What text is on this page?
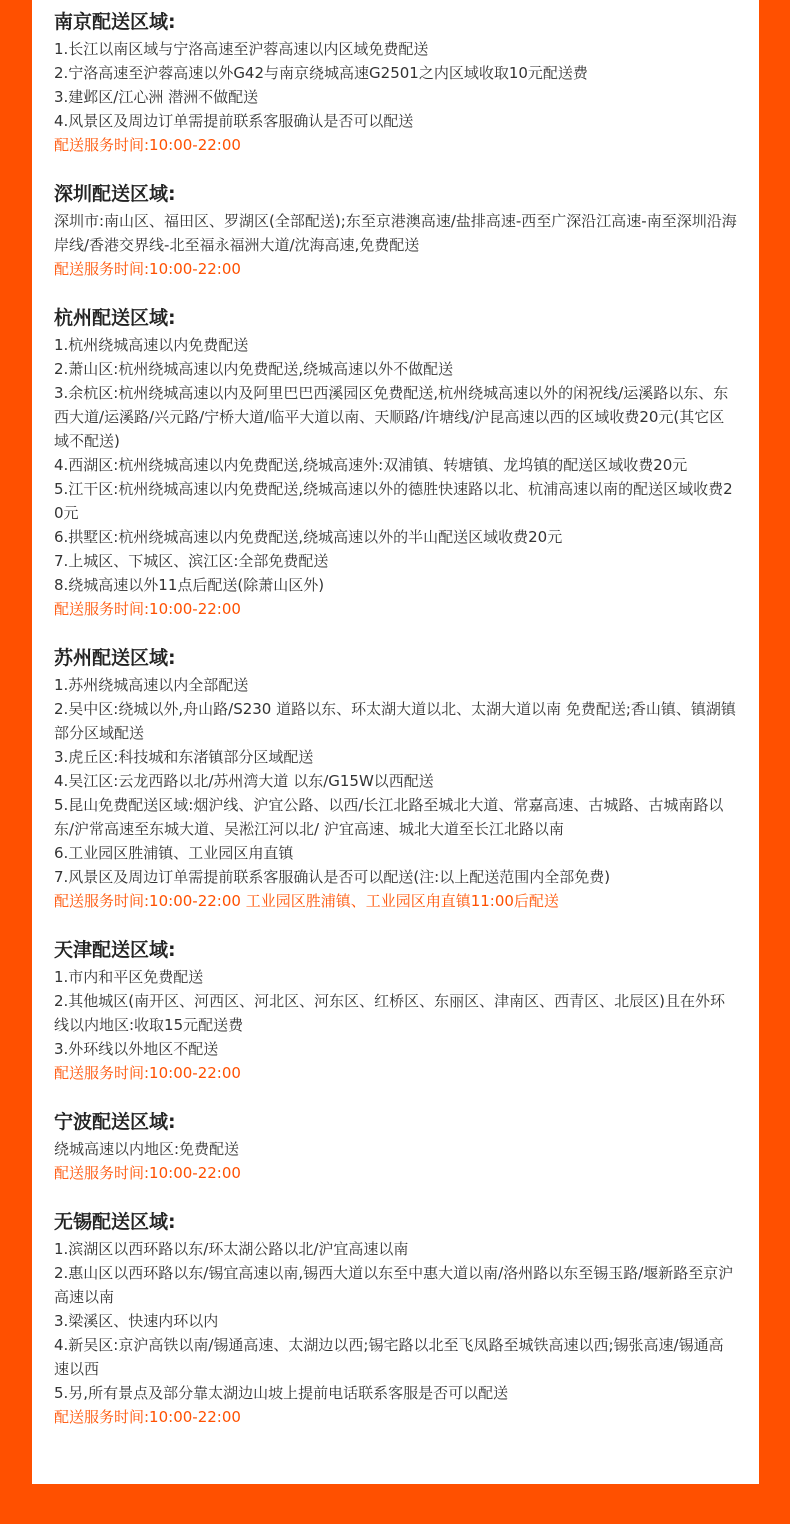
南京配送区域:

1.长江以南区域与宁洛高速至沪蓉高速以内区域免费配送

2.宁洛高速至沪蓉高速以外G42与南京绕城高速G2501之内区域收取10元配送费

3.建邺区/江心洲 潜洲不做配送

4.风景区及周边订单需提前联系客服确认是否可以配送

配送服务时间:10:00-22:00

深圳配送区域:

深圳市:南山区、福田区、罗湖区(全部配送);东至京港澳高速/盐排高速-西至广深沿江高速-南至深圳沿海岸线/香港交界线-北至福永福洲大道/沈海高速,免费配送

配送服务时间:10:00-22:00

杭州配送区域:

1.杭州绕城高速以内免费配送

2.萧山区:杭州绕城高速以内免费配送,绕城高速以外不做配送

3.余杭区:杭州绕城高速以内及阿里巴巴西溪园区免费配送,杭州绕城高速以外的闲祝线/运溪路以东、东西大道/运溪路/兴元路/宁桥大道/临平大道以南、天顺路/许塘线/沪昆高速以西的区域收费20元(其它区域不配送)

4.西湖区:杭州绕城高速以内免费配送,绕城高速外:双浦镇、转塘镇、龙坞镇的配送区域收费20元

5.江干区:杭州绕城高速以内免费配送,绕城高速以外的德胜快速路以北、杭浦高速以南的配送区域收费20元

6.拱墅区:杭州绕城高速以内免费配送,绕城高速以外的半山配送区域收费20元

7.上城区、下城区、滨江区:全部免费配送

8.绕城高速以外11点后配送(除萧山区外)

配送服务时间:10:00-22:00

苏州配送区域:

1.苏州绕城高速以内全部配送

2.吴中区:绕城以外,舟山路/S230 道路以东、环太湖大道以北、太湖大道以南 免费配送;香山镇、镇湖镇部分区域配送

3.虎丘区:科技城和东渚镇部分区域配送

4.吴江区:云龙西路以北/苏州湾大道 以东/G15W以西配送

5.昆山免费配送区域:烟沪线、沪宜公路、以西/长江北路至城北大道、常嘉高速、古城路、古城南路以东/沪常高速至东城大道、吴淞江河以北/ 沪宜高速、城北大道至长江北路以南

6.工业园区胜浦镇、工业园区甪直镇

7.风景区及周边订单需提前联系客服确认是否可以配送(注:以上配送范围内全部免费)

配送服务时间:10:00-22:00 工业园区胜浦镇、工业园区甪直镇11:00后配送

天津配送区域:

1.市内和平区免费配送

2.其他城区(南开区、河西区、河北区、河东区、红桥区、东丽区、津南区、西青区、北辰区)且在外环线以内地区:收取15元配送费

3.外环线以外地区不配送

配送服务时间:10:00-22:00

宁波配送区域:

绕城高速以内地区:免费配送

配送服务时间:10:00-22:00

无锡配送区域:

1.滨湖区以西环路以东/环太湖公路以北/沪宜高速以南

2.惠山区以西环路以东/锡宜高速以南,锡西大道以东至中惠大道以南/洛州路以东至锡玉路/堰新路至京沪高速以南

3.梁溪区、快速内环以内

4.新吴区:京沪高铁以南/锡通高速、太湖边以西;锡宅路以北至飞凤路至城铁高速以西;锡张高速/锡通高速以西

5.另,所有景点及部分靠太湖边山坡上提前电话联系客服是否可以配送

配送服务时间:10:00-22:00
